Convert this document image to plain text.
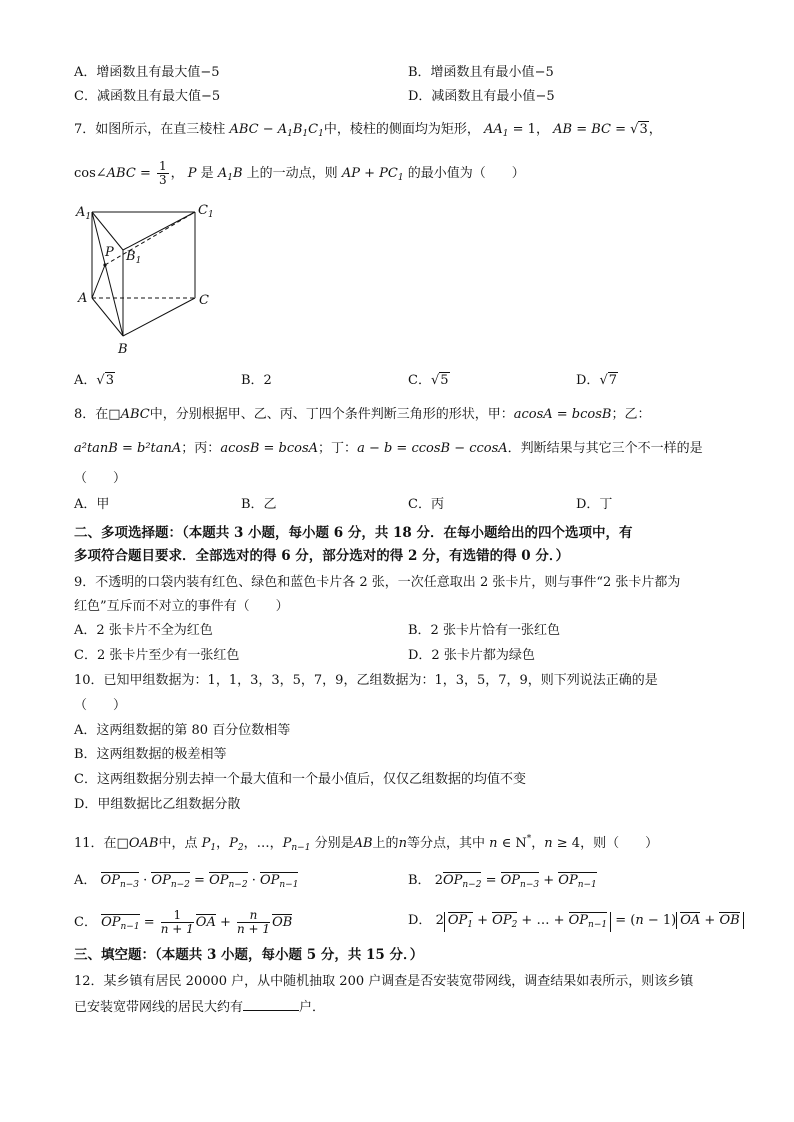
A．增函数且有最大值−5	B．增函数且有最小值−5
C．减函数且有最大值−5	D．减函数且有最小值−5
7．如图所示，在直三棱柱 ABC − $A_1B_1C_1$中，棱柱的侧面均为矩形， $AA_1 = 1$， AB = BC = √3，
cos∠ABC = $\frac{1}{3}$ ， P 是 $A_1B$ 上的一动点，则 AP + $PC_1$ 的最小值为（　　）
$A_1$	$C_1$
P $B_1$
A	C
B
A．√3	B．2	C．√5	D．√7
8．在□ABC中，分别根据甲、乙、丙、丁四个条件判断三角形的形状，甲：acosA = bcosB；乙：
a²tanB = b²tanA；丙：acosB = bcosA；丁：a − b = ccosB − ccosA．判断结果与其它三个不一样的是
（　　）
A．甲	B．乙	C．丙	D．丁
二、多项选择题：（本题共 3 小题，每小题 6 分，共 18 分．在每小题给出的四个选项中，有
多项符合题目要求．全部选对的得 6 分，部分选对的得 2 分，有选错的得 0 分．）
9．不透明的口袋内装有红色、绿色和蓝色卡片各 2 张，一次任意取出 2 张卡片，则与事件“2 张卡片都为
红色”互斥而不对立的事件有（　　）
A．2 张卡片不全为红色	B．2 张卡片恰有一张红色
C．2 张卡片至少有一张红色	D．2 张卡片都为绿色
10．已知甲组数据为：1，1，3，3，5，7，9，乙组数据为：1，3，5，7，9，则下列说法正确的是
（　　）
A．这两组数据的第 80 百分位数相等
B．这两组数据的极差相等
C．这两组数据分别去掉一个最大值和一个最小值后，仅仅乙组数据的均值不变
D．甲组数据比乙组数据分散
11．在□OAB中，点 $P_1$，$P_2$，…，$P_{n-1}$ 分别是AB上的n等分点，其中 n ∈ N*，n ≥ 4，则（　　）
A． $OP_{n-3} \cdot OP_{n-2} = OP_{n-2} \cdot OP_{n-1}$	B． $2OP_{n-2} = OP_{n-3} + OP_{n-1}$
C． $OP_{n-1} = \frac{1}{n + 1}$ OA + $\frac{n}{n + 1}$ OB	D． 2 $OP_1 + OP_2$ + … + $OP_{n-1} = (n - 1)$ OA + OB
三、填空题：（本题共 3 小题，每小题 5 分，共 15 分．）
12．某乡镇有居民 20000 户，从中随机抽取 200 户调查是否安装宽带网线，调查结果如表所示，则该乡镇
已安装宽带网线的居民大约有	户．
